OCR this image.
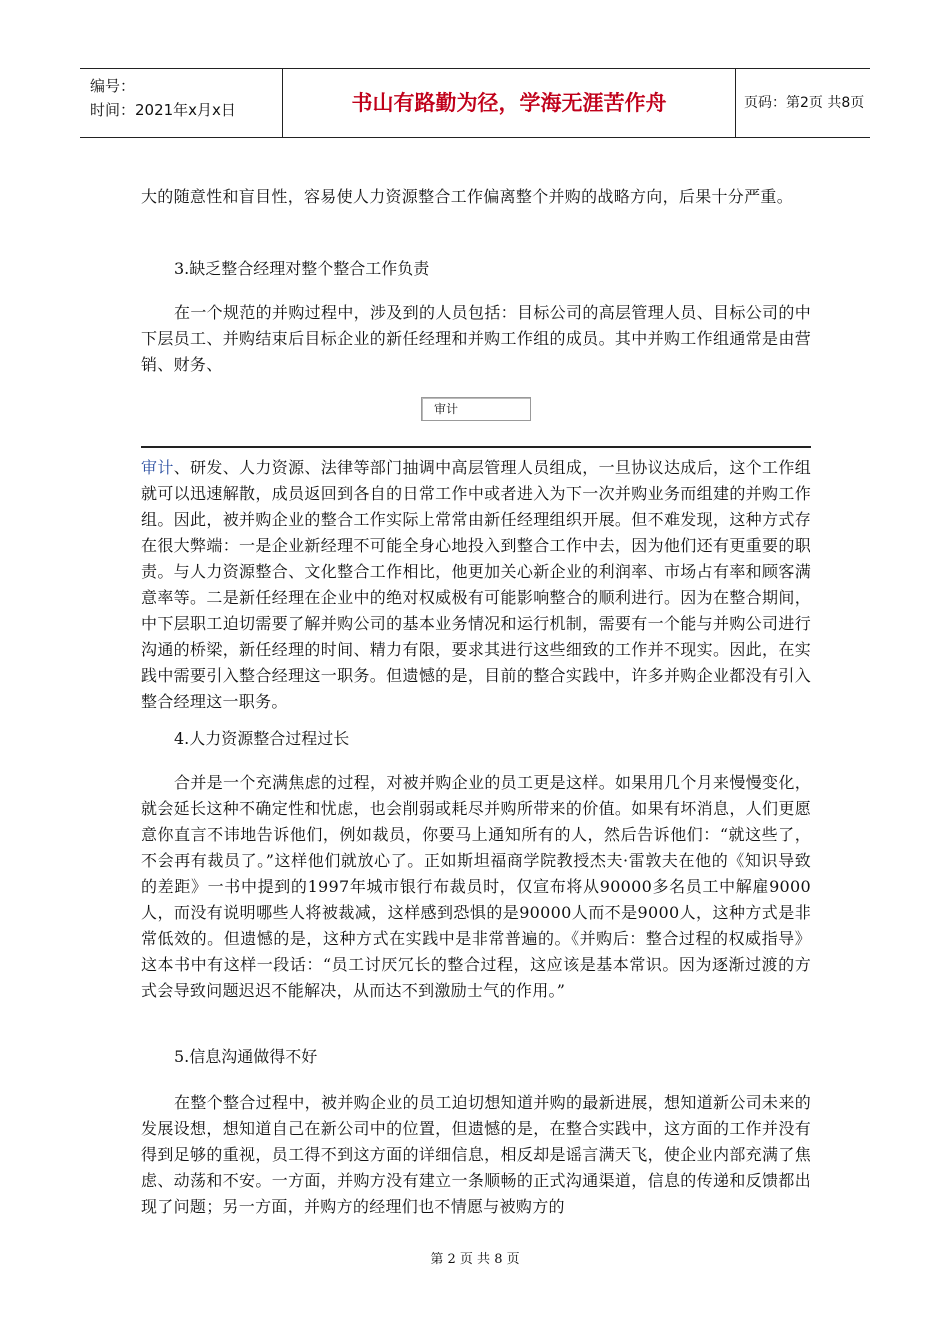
编号：
时间：2021年x月x日	书山有路勤为径，学海无涯苦作舟	页码：第2页 共8页

大的随意性和盲目性，容易使人力资源整合工作偏离整个并购的战略方向，后果十分严重。

3.缺乏整合经理对整个整合工作负责

在一个规范的并购过程中，涉及到的人员包括：目标公司的高层管理人员、目标公司的中下层员工、并购结束后目标企业的新任经理和并购工作组的成员。其中并购工作组通常是由营销、财务、

审计

审计、研发、人力资源、法律等部门抽调中高层管理人员组成，一旦协议达成后，这个工作组就可以迅速解散，成员返回到各自的日常工作中或者进入为下一次并购业务而组建的并购工作组。因此，被并购企业的整合工作实际上常常由新任经理组织开展。但不难发现，这种方式存在很大弊端：一是企业新经理不可能全身心地投入到整合工作中去，因为他们还有更重要的职责。与人力资源整合、文化整合工作相比，他更加关心新企业的利润率、市场占有率和顾客满意率等。二是新任经理在企业中的绝对权威极有可能影响整合的顺利进行。因为在整合期间，中下层职工迫切需要了解并购公司的基本业务情况和运行机制，需要有一个能与并购公司进行沟通的桥梁，新任经理的时间、精力有限，要求其进行这些细致的工作并不现实。因此，在实践中需要引入整合经理这一职务。但遗憾的是，目前的整合实践中，许多并购企业都没有引入整合经理这一职务。

4.人力资源整合过程过长

合并是一个充满焦虑的过程，对被并购企业的员工更是这样。如果用几个月来慢慢变化，就会延长这种不确定性和忧虑，也会削弱或耗尽并购所带来的价值。如果有坏消息，人们更愿意你直言不讳地告诉他们，例如裁员，你要马上通知所有的人，然后告诉他们：“就这些了，不会再有裁员了。”这样他们就放心了。正如斯坦福商学院教授杰夫·雷敦夫在他的《知识导致的差距》一书中提到的1997年城市银行布裁员时，仅宣布将从90000多名员工中解雇9000人，而没有说明哪些人将被裁减，这样感到恐惧的是90000人而不是9000人，这种方式是非常低效的。但遗憾的是，这种方式在实践中是非常普遍的。《并购后：整合过程的权威指导》这本书中有这样一段话：“员工讨厌冗长的整合过程，这应该是基本常识。因为逐渐过渡的方式会导致问题迟迟不能解决，从而达不到激励士气的作用。”

5.信息沟通做得不好

在整个整合过程中，被并购企业的员工迫切想知道并购的最新进展，想知道新公司未来的发展设想，想知道自己在新公司中的位置，但遗憾的是，在整合实践中，这方面的工作并没有得到足够的重视，员工得不到这方面的详细信息，相反却是谣言满天飞，使企业内部充满了焦虑、动荡和不安。一方面，并购方没有建立一条顺畅的正式沟通渠道，信息的传递和反馈都出现了问题；另一方面，并购方的经理们也不情愿与被购方的

第 2 页 共 8 页
